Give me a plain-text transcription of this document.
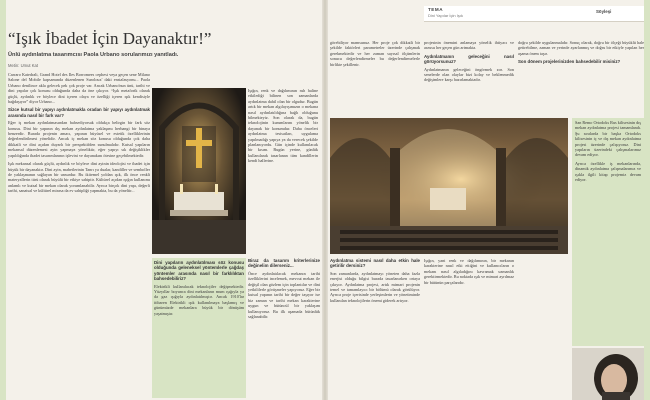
TEMA
Dini Yapılar İçin Işık
Söyleşi
“Işık İbadet İçin Dayanaktır!”
Ünlü aydınlatma tasarımcısı Paola Urbano sorularımızı yanıtladı.
Metin: Umut Kat

Carraro Katedrali, Grand Hotel des Iles Borromees cephesi veya geçen sene Milano Salone del Mobile kapsamında düzenlenen Suroloux' daki enstalasyonu... Paola Urbano denilince akla gelecek pek çok proje var. Ancak Urbano'nun ünü, tarihi ve dini yapılar çok konusu olduğunda daha da öne çıkıyor. “Işık metaforik olarak güçlü, aydınlık ve böylece dini içeren olaya ve özelliği içeren ışık kendisiyle bağdaşıyor” diyor Urbano...

Sizce kutsal bir yapıyı aydınlatmakla oradan bir yapıyı aydınlatmak arasında nasıl bir fark var?

Eğer iş mekan aydınlatmasından bahsediyorsak oldukça belirgin bir fark söz konusu. Dini bir yapının dış mekan aydınlatma yaklaşımı herhangi bir binaya benzerdir. Burada projenin amacı, yapının büyüsel ve estetik özelliklerinin değerlendirilmesi yönelidir. Ancak iç mekan söz konusu olduğunda çok daha dikkatli ve dini açıdan duyarlı bir perspektifden sunulmalıdır. Kutsal yapıların mekansal düzenlemesi ayin yapmaya yöneliktir, eğer yapıyı sık değişiklikler yapıldığında ibadet tasarımlarının işlevini ve dayanakını ötesine geçebilmektedir.

Işık mekansal olarak güçlü, aydınlık ve böylece dini ayinin ideolojisi ve ibadet için büyük bir dayanaktır. Dini ayin, mabetlerinin Tanrı ya dualar, kandiller ve semboller de yaklaşmanın sağlayan bir unsurdur. Bu ikitemel yoldan ışık, ilk önce renkli materyallerin türü olarak büyülü bir etkiye sahiptir. Kültürel açıdan ışığın kullanımı anlamlı ve kutsal bir mekan olarak yorumlanabilir. Ayrıca birçok dini yapı, değerli tarihi, sanatsal ve kültürel mirasa da ev sahipliği yapmakta, bu da yöneltir...

Işığın, renk ve dağılımının ruh haline etkilediği bilinen son zamanlarda aydınlatma dahil olan bir olgudur. Bugün artık bir mekan algılayışımızın o mekana nasıl aydınlatıldığına bağlı olduğunu bilmekteyiz. Son olarak da, bugün teknolojinin kurumlarını yönelik bir dayanak bir konumdur. Daha önceleri aydınlatma tesisatları, uygulama yapılmadığı yapıya ya da verecek şekilde planlanıyordu. Gün içinde kullanılacak bir kısım. Bugün yerine, günlük kullanılarak tasarlanan tüm kandillerin kendi hallerine.

Dini yapıların aydınlatılması söz konusu olduğunda geleneksel yöntemlerle çağdaş yöntemler arasında nasıl bir farklılıktan bahsedebiliriz?

Elektrikli kullanılacak teknolojiler değişmektedir. Yüzyıllar boyunca dini mekanların mum ışığıyla ya da gaz ışığıyla aydınlatılmıştır. Ancak 1910'lar itibaren Elektrikli ışık kullanılmaya başlamış ve günümüzde mekanlara büyük bir dönüşüm yaşatmıştır.

Biraz da tasarım kriterlerinize değinelim dilerseniz...

Önce aydınlatılacak mekanın tarihi özelliklerini incelemek, mevcut mekan ile değişil olan gözlem için toplantılar ve dini yetkililerle görüşmeler yapıyoruz. Eğer bir kutsal yapının tarihi bir değer taşıyor ise biz zaman ve tarihi mekan karakterine uygun ve bütüncül bir yaklaşım kullanıyoruz. Bu ilk aşamada bütünlük sağlanabilir.

görebiliyor mamsunuz. Her proje çok dikkatli bir şekilde faktörleri parametreler üzerinde çalışmak gerekmektedir ve her zaman sayısal ölçümlerin sonucu değerlendirmeler bu değerlendirmelerle birlikte şekillenir.

projesinin önemini anlamaya yönelik ihtiyacı ve arzusu her geçen gün artmakta.

Aydınlatmanın geleceğini nasıl görüyorsunuz?

Aydınlatmanın geleceğini öngörmek zor. Son senelerde olan olaylar bizi kolay ve beklenmedik değişimlere karşı hazırlamaktadır.

Aydınlatma sistemi nasıl daha etkin hale getirilir dersiniz?

Son zamanlarda, aydınlatmayı yöneten daha fazla enerjisi olduğu bilgisi burada tasarlanırken ortaya çıkıyor. Aydınlatma projesi, artık mimari projenin temel ve tamamlayıcı bir bölümü olarak görülüyor. Ayrıca proje içerisinde yerleşimlerin ve yönetiminde kullanılan teknolojilerin önemi giderek artıyor.

Işığın, yani renk ve dağılımının, bir mekanın karakterine nasıl etki ettiğini ve kullanıcıların o mekanı nasıl algıladığını kavramak uzmanlık gerektirmektedir. Bu noktada ışık ve mimari ayrılmaz bir bütünün parçalarıdır.

doğru şekilde uygulanmalıdır. Sonuç olarak, doğru bir ölçeği büyüklü hale getirebilme, zaman ve yerinde ayarlanmış ve doğru bir etkiyle yapılan her aşama önem taşır.

Son dönem projelerinizden bahsedebilir misiniz?

San Remo Ortodoks Rus kilisesinin dış mekan aydınlatma projesi tamamlandı. Şu sıralarda bir başka Ortodoks kilisesinin iç ve dış mekan aydınlatma projesi üzerinde çalışıyoruz. Dini yapıların üzerindeki çalışmalarımız devam ediyor.

Ayrıca özellikle iş mekanlarında, dinamik aydınlatma çalışmalarımız ve ışıkla ilgili kitap projemiz devam ediyor.
